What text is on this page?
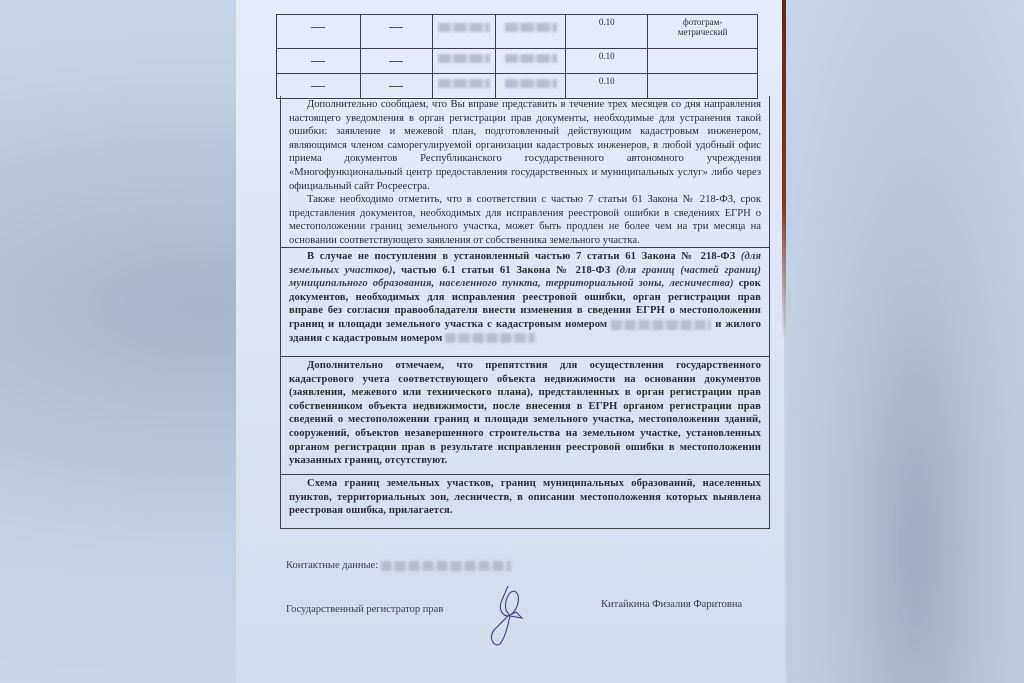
				0.10	фотограм-
метрический
				0.10	
				0.10	

Дополнительно сообщаем, что Вы вправе представить в течение трех месяцев со дня направления настоящего уведомления в орган регистрации прав документы, необходимые для устранения такой ошибки: заявление и межевой план, подготовленный действующим кадастровым инженером, являющимся членом саморегулируемой организации кадастровых инженеров, в любой удобный офис приема документов Республиканского государственного автономного учреждения «Многофункциональный центр предоставления государственных и муниципальных услуг» либо через официальный сайт Росреестра.

Также необходимо отметить, что в соответствии с частью 7 статьи 61 Закона № 218-ФЗ, срок представления документов, необходимых для исправления реестровой ошибки в сведениях ЕГРН о местоположении границ земельного участка, может быть продлен не более чем на три месяца на основании соответствующего заявления от собственника земельного участка.

В случае не поступления в установленный частью 7 статьи 61 Закона № 218-ФЗ (для земельных участков), частью 6.1 статьи 61 Закона № 218-ФЗ (для границ (частей границ) муниципального образования, населенного пункта, территориальной зоны, лесничества) срок документов, необходимых для исправления реестровой ошибки, орган регистрации прав вправе без согласия правообладателя внести изменения в сведения ЕГРН о местоположении границ и площади земельного участка с кадастровым номером	и жилого здания с кадастровым номером

Дополнительно отмечаем, что препятствия для осуществления государственного кадастрового учета соответствующего объекта недвижимости на основании документов (заявления, межевого или технического плана), представленных в орган регистрации прав собственником объекта недвижимости, после внесения в ЕГРН органом регистрации прав сведений о местоположении границ и площади земельного участка, местоположении зданий, сооружений, объектов незавершенного строительства на земельном участке, установленных органом регистрации прав в результате исправления реестровой ошибки в местоположении указанных границ, отсутствуют.

Схема границ земельных участков, границ муниципальных образований, населенных пунктов, территориальных зон, лесничеств, в описании местоположения которых выявлена реестровая ошибка, прилагается.

Контактные данные:
Государственный регистратор прав	Китайкина Физалия Фаритовна
